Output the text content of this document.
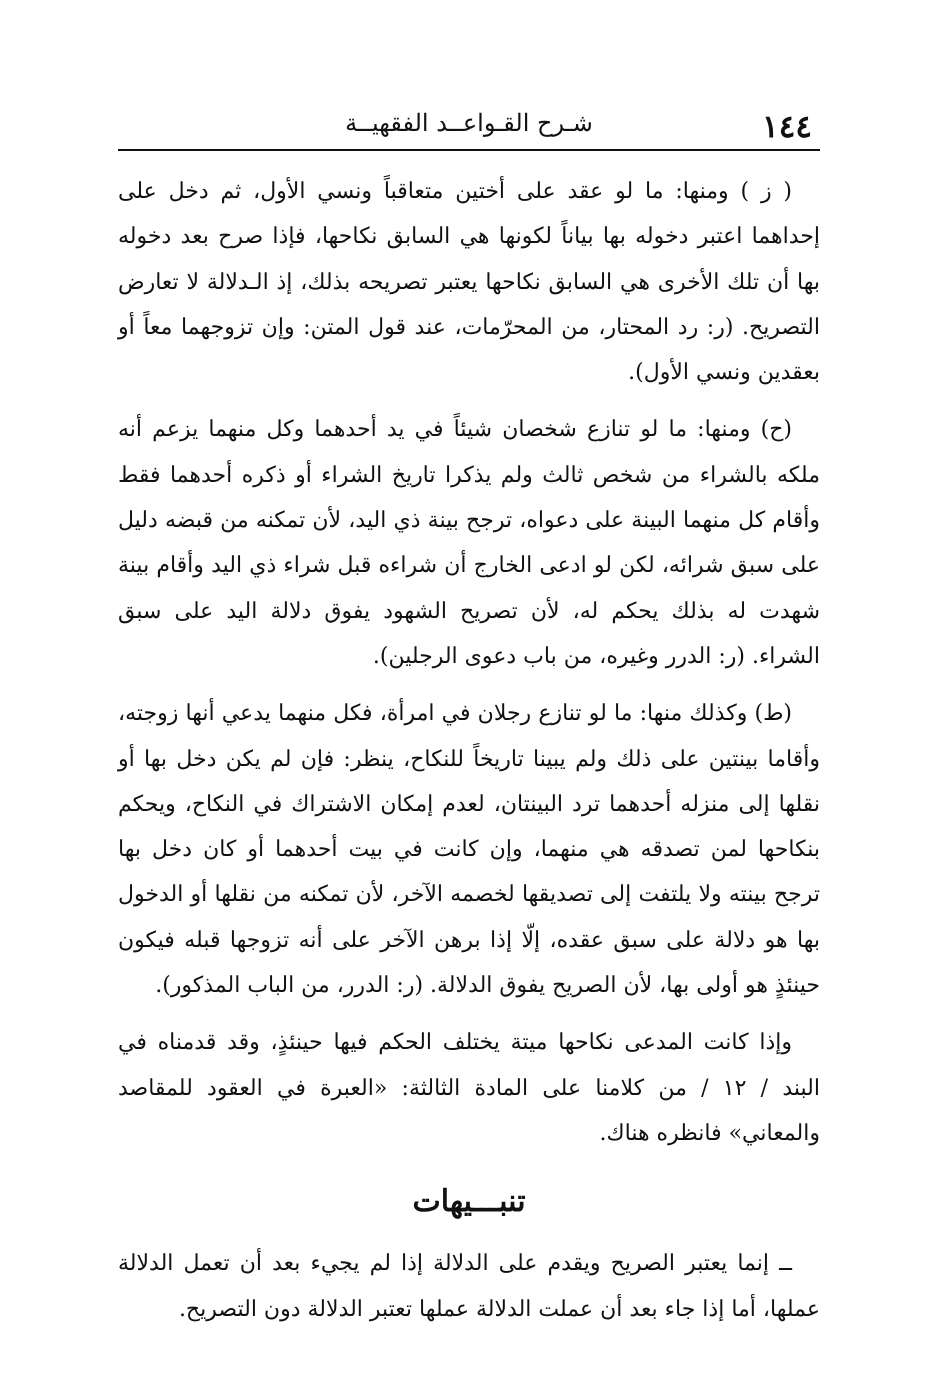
١٤٤
شـرح القـواعــد الفقهيــة

( ز ) ومنها: ما لو عقد على أختين متعاقباً ونسي الأول، ثم دخل على إحداهما اعتبر دخوله بها بياناً لكونها هي السابق نكاحها، فإذا صرح بعد دخوله بها أن تلك الأخرى هي السابق نكاحها يعتبر تصريحه بذلك، إذ الـدلالة لا تعارض التصريح. (ر: رد المحتار، من المحرّمات، عند قول المتن: وإن تزوجهما معاً أو بعقدين ونسي الأول).

(ح) ومنها: ما لو تنازع شخصان شيئاً في يد أحدهما وكل منهما يزعم أنه ملكه بالشراء من شخص ثالث ولم يذكرا تاريخ الشراء أو ذكره أحدهما فقط وأقام كل منهما البينة على دعواه، ترجح بينة ذي اليد، لأن تمكنه من قبضه دليل على سبق شرائه، لكن لو ادعى الخارج أن شراءه قبل شراء ذي اليد وأقام بينة شهدت له بذلك يحكم له، لأن تصريح الشهود يفوق دلالة اليد على سبق الشراء. (ر: الدرر وغيره، من باب دعوى الرجلين).

(ط) وكذلك منها: ما لو تنازع رجلان في امرأة، فكل منهما يدعي أنها زوجته، وأقاما بينتين على ذلك ولم يبينا تاريخاً للنكاح، ينظر: فإن لم يكن دخل بها أو نقلها إلى منزله أحدهما ترد البينتان، لعدم إمكان الاشتراك في النكاح، ويحكم بنكاحها لمن تصدقه هي منهما، وإن كانت في بيت أحدهما أو كان دخل بها ترجح بينته ولا يلتفت إلى تصديقها لخصمه الآخر، لأن تمكنه من نقلها أو الدخول بها هو دلالة على سبق عقده، إلّا إذا برهن الآخر على أنه تزوجها قبله فيكون حينئذٍ هو أولى بها، لأن الصريح يفوق الدلالة. (ر: الدرر، من الباب المذكور).

وإذا كانت المدعى نكاحها ميتة يختلف الحكم فيها حينئذٍ، وقد قدمناه في البند / ١٢ / من كلامنا على المادة الثالثة: «العبرة في العقود للمقاصد والمعاني» فانظره هناك.

تنبـــيهات

ــ إنما يعتبر الصريح ويقدم على الدلالة إذا لم يجيء بعد أن تعمل الدلالة عملها، أما إذا جاء بعد أن عملت الدلالة عملها تعتبر الدلالة دون التصريح.
